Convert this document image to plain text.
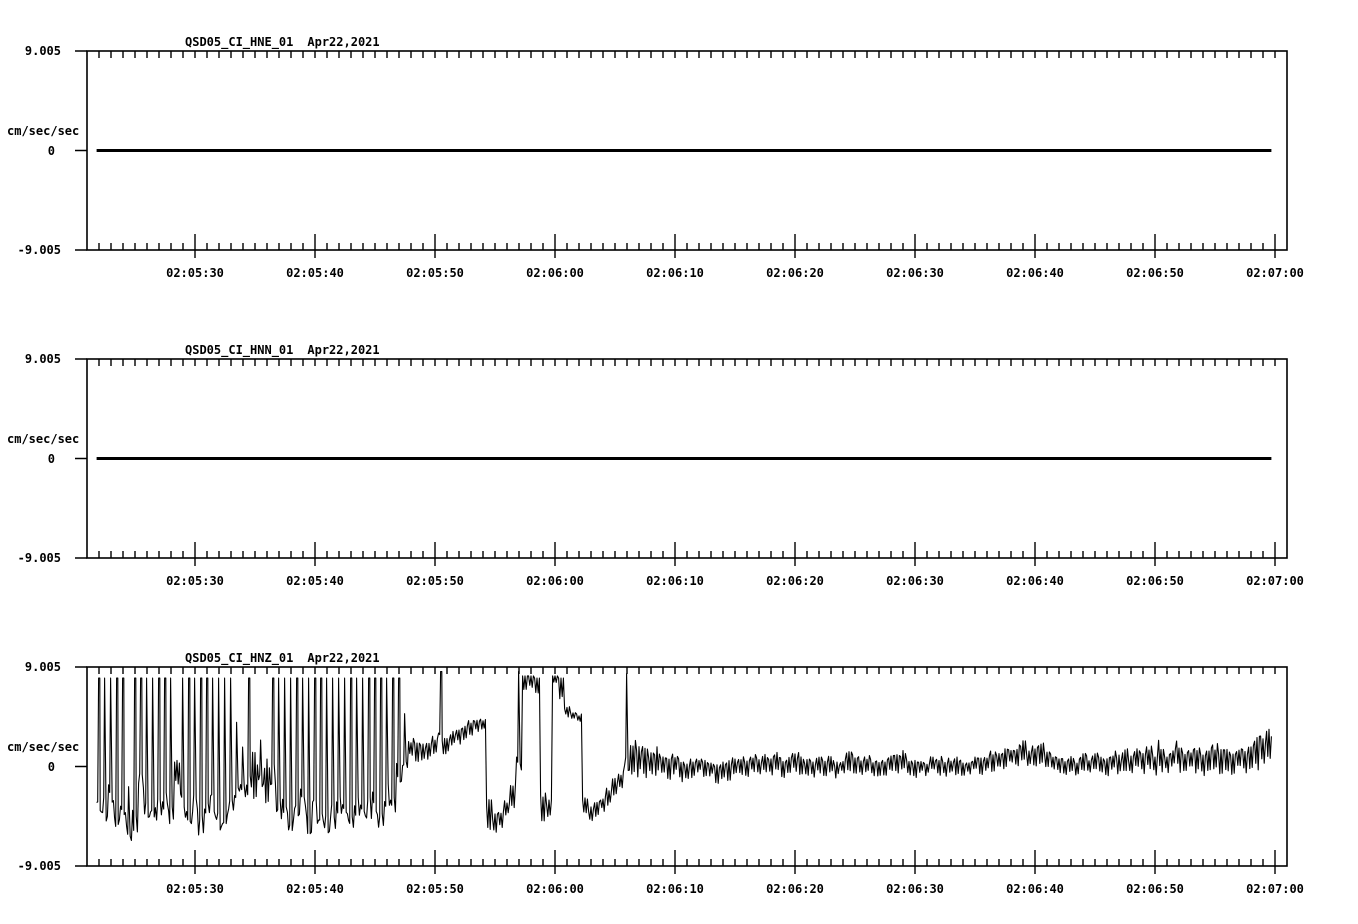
QSD05_CI_HNE_01 Apr22,2021
9.005
cm/sec/sec
0
-9.005
02:05:30	02:05:40	02:05:50	02:06:00	02:06:10	02:06:20	02:06:30	02:06:40	02:06:50	02:07:00
QSD05_CI_HNN_01 Apr22,2021
9.005
cm/sec/sec
0
-9.005
02:05:30	02:05:40	02:05:50	02:06:00	02:06:10	02:06:20	02:06:30	02:06:40	02:06:50	02:07:00
QSD05_CI_HNZ_01 Apr22,2021
9.005
cm/sec/sec
0
-9.005
02:05:30	02:05:40	02:05:50	02:06:00	02:06:10	02:06:20	02:06:30	02:06:40	02:06:50	02:07:00
